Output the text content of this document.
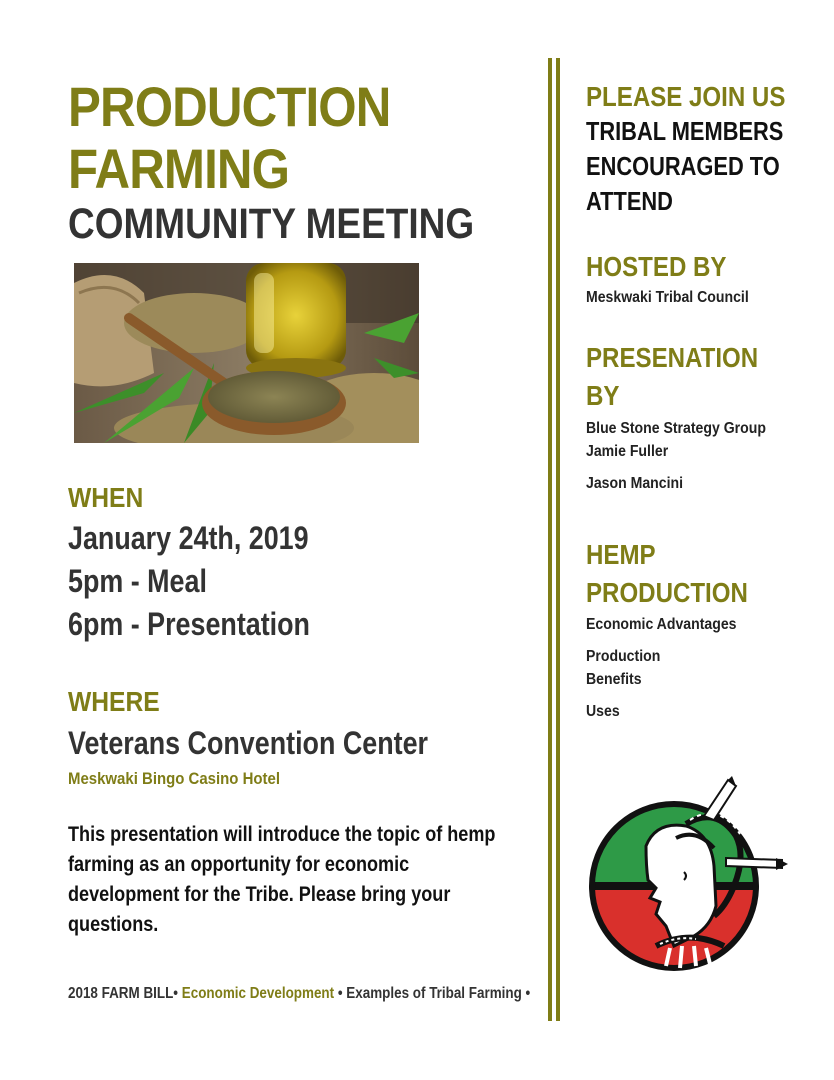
PRODUCTION
FARMING
COMMUNITY MEETING
WHEN
January 24th, 2019
5pm - Meal
6pm - Presentation
WHERE
Veterans Convention Center
Meskwaki Bingo Casino Hotel
This presentation will introduce the topic of hemp farming as an opportunity for economic development for the Tribe. Please bring your questions.
2018 FARM BILL• Economic Development • Examples of Tribal Farming •
PLEASE JOIN US
TRIBAL MEMBERS
ENCOURAGED TO
ATTEND
HOSTED BY
Meskwaki Tribal Council
PRESENATION
BY
Blue Stone Strategy Group
Jamie Fuller
Jason Mancini
HEMP
PRODUCTION
Economic Advantages
Production
Benefits
Uses
